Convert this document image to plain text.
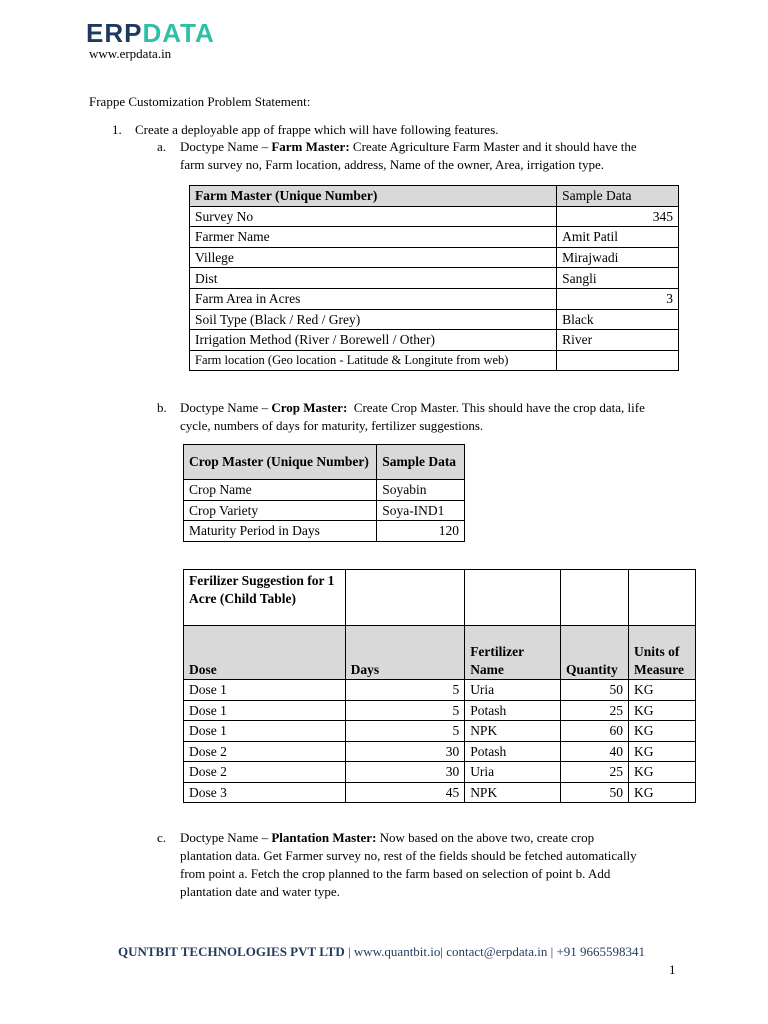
ERPDATA
www.erpdata.in
Frappe Customization Problem Statement:
1. Create a deployable app of frappe which will have following features.
a. Doctype Name – Farm Master: Create Agriculture Farm Master and it should have the
farm survey no, Farm location, address, Name of the owner, Area, irrigation type.
Farm Master (Unique Number)	Sample Data
Survey No	345
Farmer Name	Amit Patil
Villege	Mirajwadi
Dist	Sangli
Farm Area in Acres	3
Soil Type (Black / Red / Grey)	Black
Irrigation Method (River / Borewell / Other)	River
Farm location (Geo location - Latitude & Longitute from web)	
b. Doctype Name – Crop Master:  Create Crop Master. This should have the crop data, life
cycle, numbers of days for maturity, fertilizer suggestions.
Crop Master (Unique Number)	Sample Data
Crop Name	Soyabin
Crop Variety	Soya-IND1
Maturity Period in Days	120
Ferilizer Suggestion for 1 Acre (Child Table)				
Dose	Days	Fertilizer Name	Quantity	Units of Measure
Dose 1	5	Uria	50	KG
Dose 1	5	Potash	25	KG
Dose 1	5	NPK	60	KG
Dose 2	30	Potash	40	KG
Dose 2	30	Uria	25	KG
Dose 3	45	NPK	50	KG
c. Doctype Name – Plantation Master: Now based on the above two, create crop
plantation data. Get Farmer survey no, rest of the fields should be fetched automatically
from point a. Fetch the crop planned to the farm based on selection of point b. Add
plantation date and water type.
QUNTBIT TECHNOLOGIES PVT LTD | www.quantbit.io| contact@erpdata.in | +91 9665598341
1
